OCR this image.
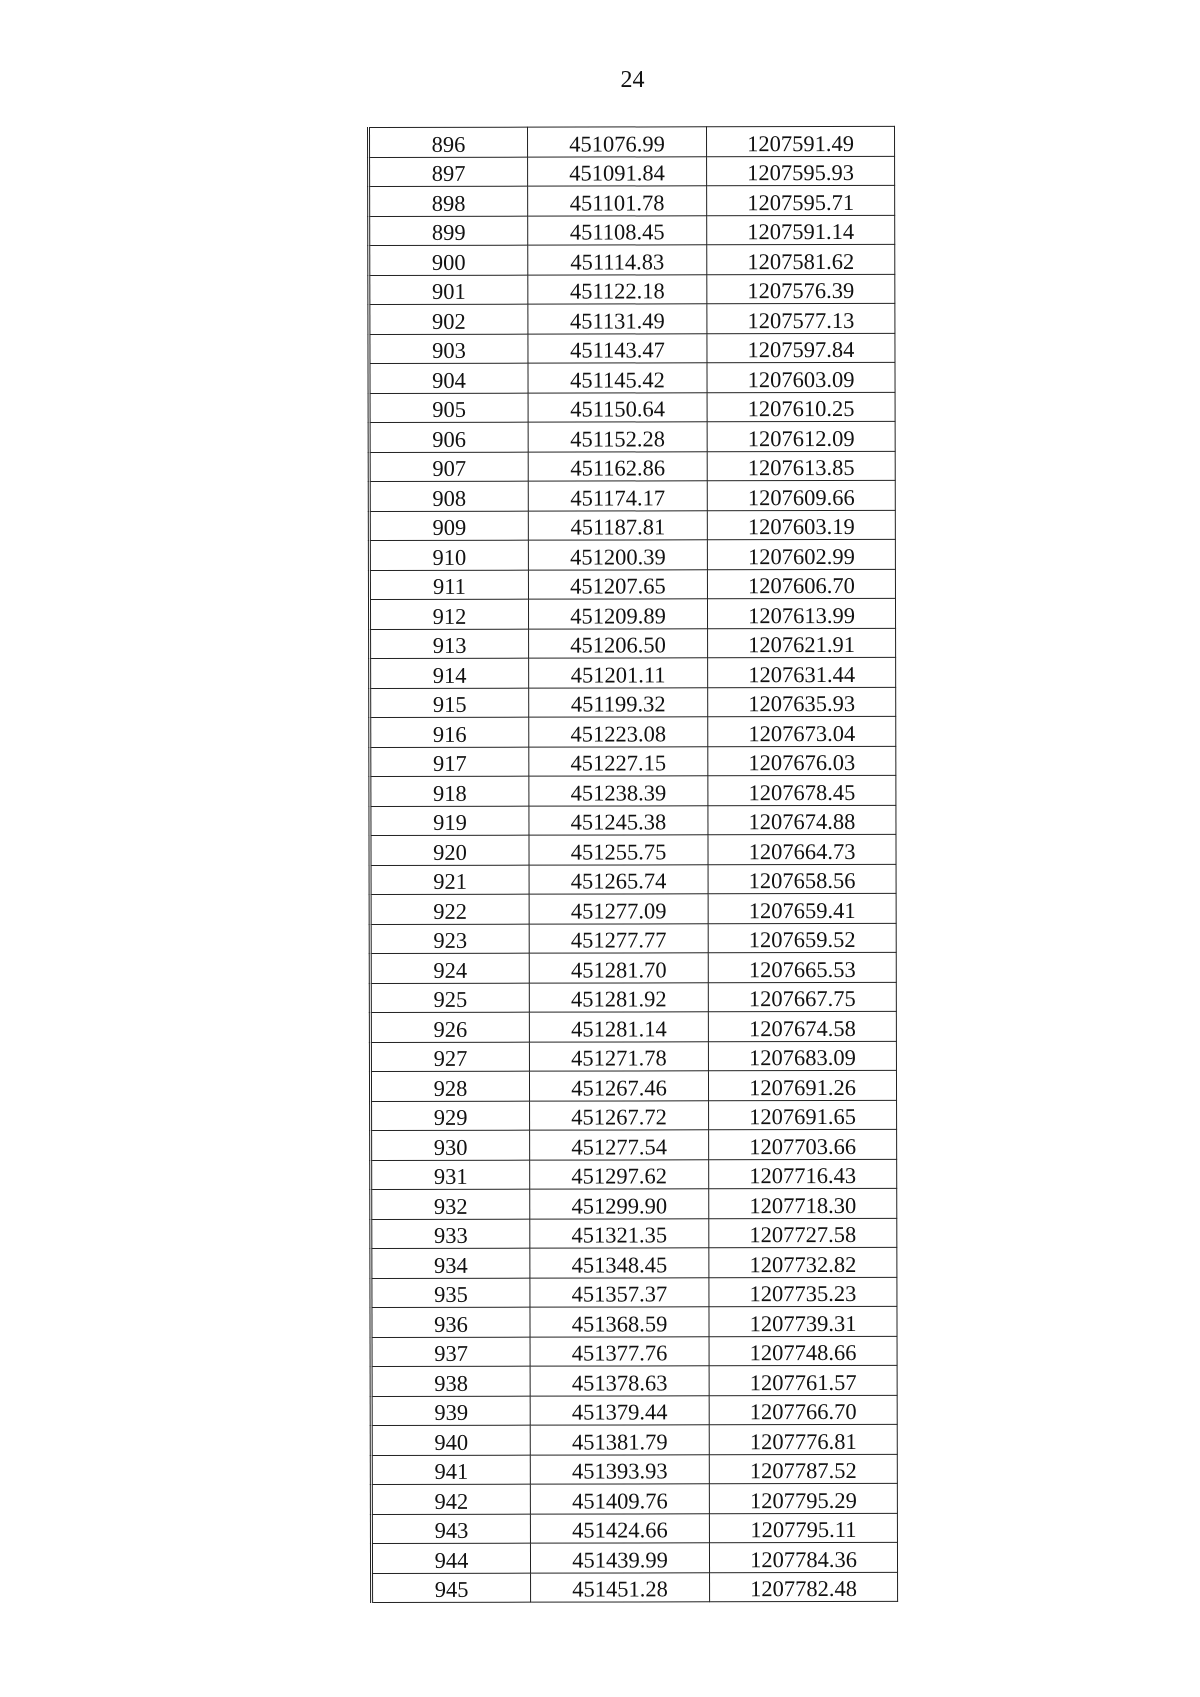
24
896	451076.99	1207591.49
897	451091.84	1207595.93
898	451101.78	1207595.71
899	451108.45	1207591.14
900	451114.83	1207581.62
901	451122.18	1207576.39
902	451131.49	1207577.13
903	451143.47	1207597.84
904	451145.42	1207603.09
905	451150.64	1207610.25
906	451152.28	1207612.09
907	451162.86	1207613.85
908	451174.17	1207609.66
909	451187.81	1207603.19
910	451200.39	1207602.99
911	451207.65	1207606.70
912	451209.89	1207613.99
913	451206.50	1207621.91
914	451201.11	1207631.44
915	451199.32	1207635.93
916	451223.08	1207673.04
917	451227.15	1207676.03
918	451238.39	1207678.45
919	451245.38	1207674.88
920	451255.75	1207664.73
921	451265.74	1207658.56
922	451277.09	1207659.41
923	451277.77	1207659.52
924	451281.70	1207665.53
925	451281.92	1207667.75
926	451281.14	1207674.58
927	451271.78	1207683.09
928	451267.46	1207691.26
929	451267.72	1207691.65
930	451277.54	1207703.66
931	451297.62	1207716.43
932	451299.90	1207718.30
933	451321.35	1207727.58
934	451348.45	1207732.82
935	451357.37	1207735.23
936	451368.59	1207739.31
937	451377.76	1207748.66
938	451378.63	1207761.57
939	451379.44	1207766.70
940	451381.79	1207776.81
941	451393.93	1207787.52
942	451409.76	1207795.29
943	451424.66	1207795.11
944	451439.99	1207784.36
945	451451.28	1207782.48
